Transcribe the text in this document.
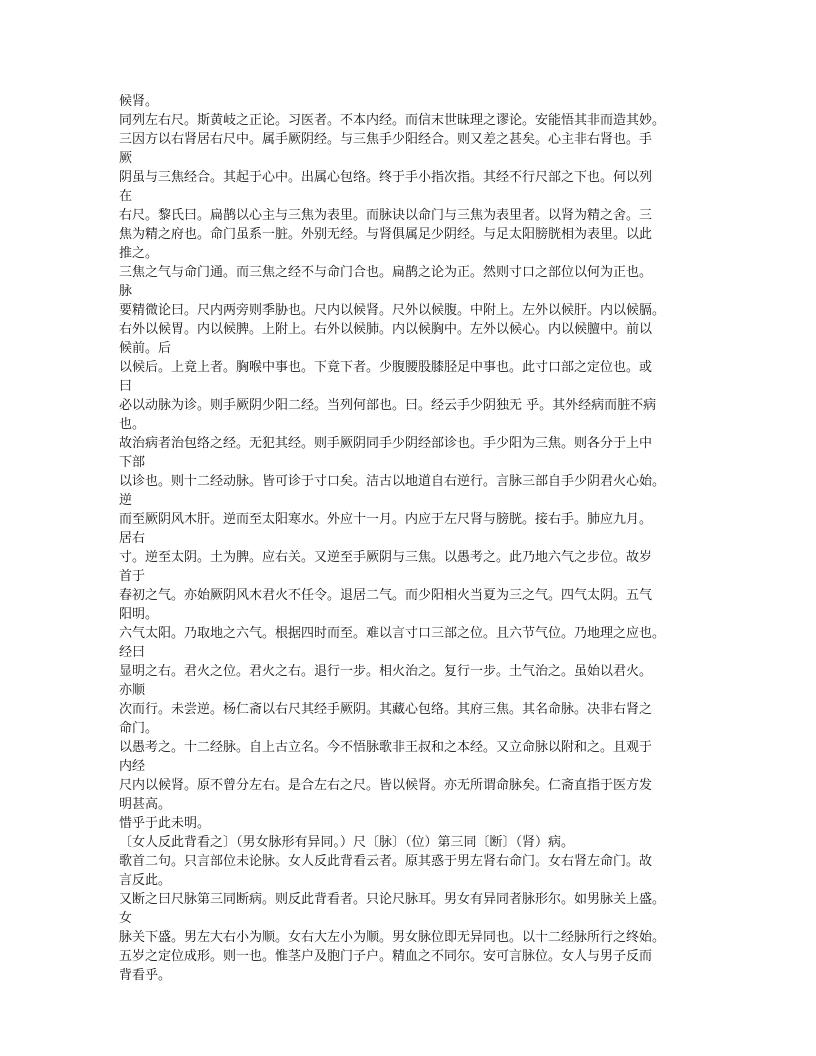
候肾。
同列左右尺。斯黄岐之正论。习医者。不本内经。而信末世昧理之谬论。安能悟其非而造其妙。
三因方以右肾居右尺中。属手厥阴经。与三焦手少阳经合。则又差之甚矣。心主非右肾也。手
厥
阴虽与三焦经合。其起于心中。出属心包络。终于手小指次指。其经不行尺部之下也。何以列
在
右尺。黎氏曰。扁鹊以心主与三焦为表里。而脉诀以命门与三焦为表里者。以肾为精之舍。三
焦为精之府也。命门虽系一脏。外别无经。与肾俱属足少阴经。与足太阳膀胱相为表里。以此
推之。
三焦之气与命门通。而三焦之经不与命门合也。扁鹊之论为正。然则寸口之部位以何为正也。
脉
要精微论曰。尺内两旁则季胁也。尺内以候肾。尺外以候腹。中附上。左外以候肝。内以候膈。
右外以候胃。内以候脾。上附上。右外以候肺。内以候胸中。左外以候心。内以候膻中。前以
候前。后
以候后。上竟上者。胸喉中事也。下竟下者。少腹腰股膝胫足中事也。此寸口部之定位也。或
曰
必以动脉为诊。则手厥阴少阳二经。当列何部也。曰。经云手少阴独无 乎。其外经病而脏不病
也。
故治病者治包络之经。无犯其经。则手厥阴同手少阴经部诊也。手少阳为三焦。则各分于上中
下部
以诊也。则十二经动脉。皆可诊于寸口矣。洁古以地道自右逆行。言脉三部自手少阴君火心始。
逆
而至厥阴风木肝。逆而至太阳寒水。外应十一月。内应于左尺肾与膀胱。接右手。肺应九月。
居右
寸。逆至太阴。土为脾。应右关。又逆至手厥阴与三焦。以愚考之。此乃地六气之步位。故岁
首于
春初之气。亦始厥阴风木君火不任令。退居二气。而少阳相火当夏为三之气。四气太阴。五气
阳明。
六气太阳。乃取地之六气。根据四时而至。难以言寸口三部之位。且六节气位。乃地理之应也。
经曰
显明之右。君火之位。君火之右。退行一步。相火治之。复行一步。土气治之。虽始以君火。
亦顺
次而行。未尝逆。杨仁斋以右尺其经手厥阴。其藏心包络。其府三焦。其名命脉。决非右肾之
命门。
以愚考之。十二经脉。自上古立名。今不悟脉歌非王叔和之本经。又立命脉以附和之。且观于
内经
尺内以候肾。原不曾分左右。是合左右之尺。皆以候肾。亦无所谓命脉矣。仁斋直指于医方发
明甚高。
惜乎于此未明。
〔女人反此背看之〕（男女脉形有异同。）尺〔脉〕（位）第三同〔断〕（肾）病。
歌首二句。只言部位未论脉。女人反此背看云者。原其惑于男左肾右命门。女右肾左命门。故
言反此。
又断之曰尺脉第三同断病。则反此背看者。只论尺脉耳。男女有异同者脉形尔。如男脉关上盛。
女
脉关下盛。男左大右小为顺。女右大左小为顺。男女脉位即无异同也。以十二经脉所行之终始。
五岁之定位成形。则一也。惟茎户及胞门子户。精血之不同尔。安可言脉位。女人与男子反而
背看乎。
